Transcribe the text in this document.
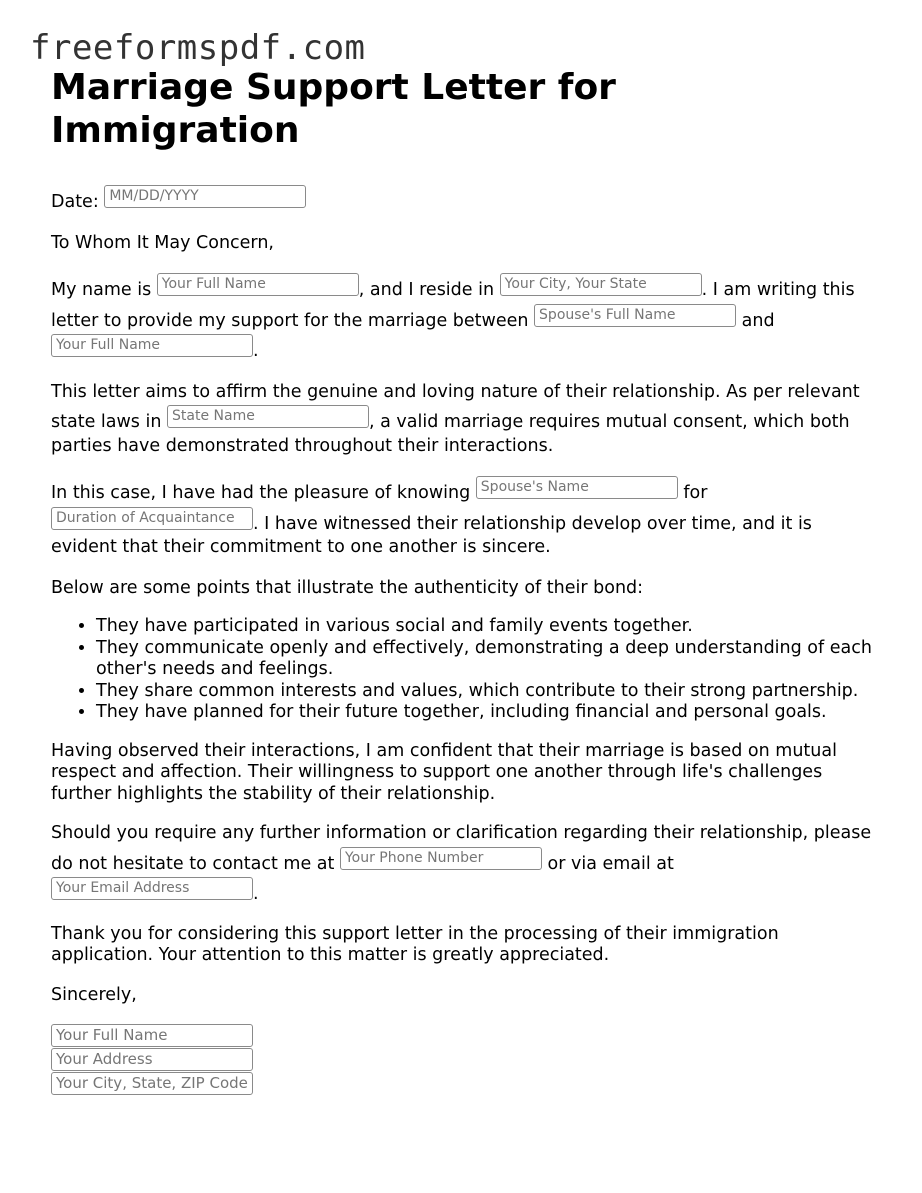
freeformspdf.com
Marriage Support Letter for Immigration

Date: MM/DD/YYYY

To Whom It May Concern,

My name is Your Full Name	, and I reside in Your City, Your State	. I am writing this letter to provide my support for the marriage between Spouse's Full Name	and Your Full Name	.

This letter aims to affirm the genuine and loving nature of their relationship. As per relevant state laws in State Name	, a valid marriage requires mutual consent, which both parties have demonstrated throughout their interactions.

In this case, I have had the pleasure of knowing Spouse's Name	for Duration of Acquaintance . I have witnessed their relationship develop over time, and it is evident that their commitment to one another is sincere.

Below are some points that illustrate the authenticity of their bond:

• They have participated in various social and family events together.
• They communicate openly and effectively, demonstrating a deep understanding of each other's needs and feelings.
• They share common interests and values, which contribute to their strong partnership.
• They have planned for their future together, including financial and personal goals.

Having observed their interactions, I am confident that their marriage is based on mutual respect and affection. Their willingness to support one another through life's challenges further highlights the stability of their relationship.

Should you require any further information or clarification regarding their relationship, please do not hesitate to contact me at Your Phone Number	or via email at Your Email Address	.

Thank you for considering this support letter in the processing of their immigration application. Your attention to this matter is greatly appreciated.

Sincerely,

Your Full Name
Your Address
Your City, State, ZIP Code
